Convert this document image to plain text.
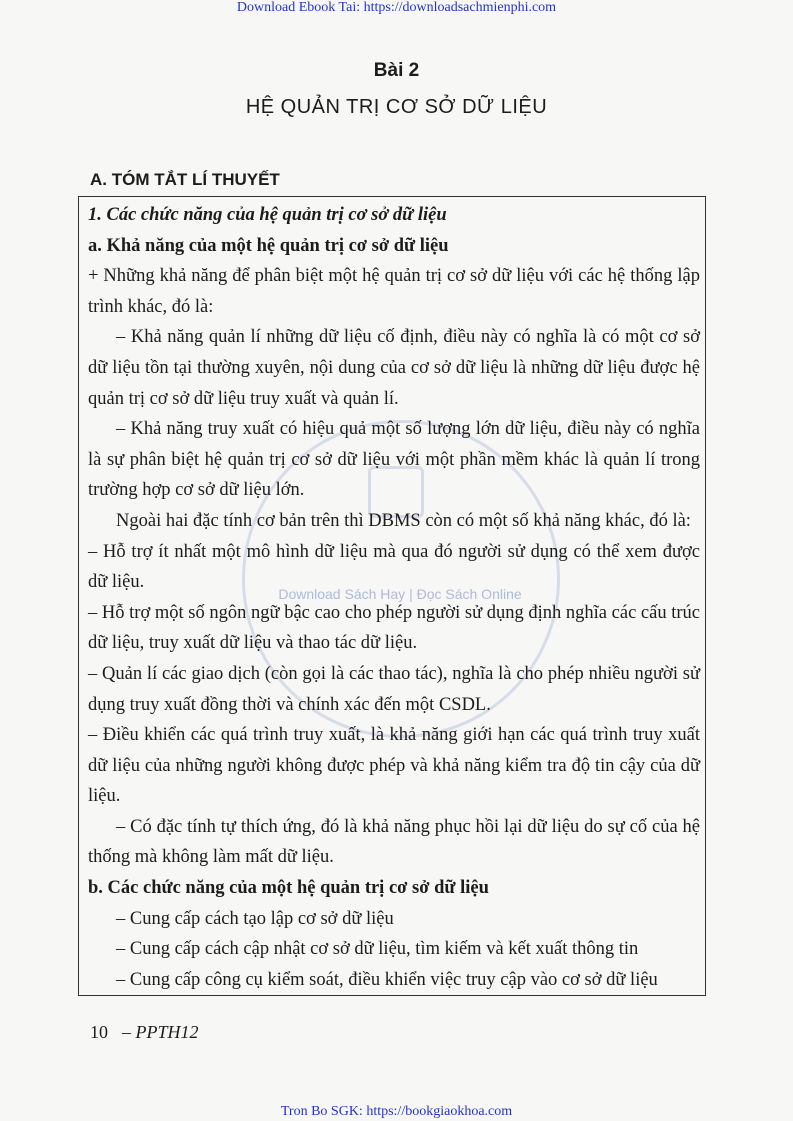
Download Ebook Tai: https://downloadsachmienphi.com
Download Sách Hay | Đọc Sách Online
Bài 2
HỆ QUẢN TRỊ CƠ SỞ DỮ LIỆU
A. TÓM TẮT LÍ THUYẾT

1. Các chức năng của hệ quản trị cơ sở dữ liệu

a. Khả năng của một hệ quản trị cơ sở dữ liệu

+ Những khả năng để phân biệt một hệ quản trị cơ sở dữ liệu với các hệ thống lập trình khác, đó là:

– Khả năng quản lí những dữ liệu cố định, điều này có nghĩa là có một cơ sở dữ liệu tồn tại thường xuyên, nội dung của cơ sở dữ liệu là những dữ liệu được hệ quản trị cơ sở dữ liệu truy xuất và quản lí.

– Khả năng truy xuất có hiệu quả một số lượng lớn dữ liệu, điều này có nghĩa là sự phân biệt hệ quản trị cơ sở dữ liệu với một phần mềm khác là quản lí trong trường hợp cơ sở dữ liệu lớn.

Ngoài hai đặc tính cơ bản trên thì DBMS còn có một số khả năng khác, đó là:

– Hỗ trợ ít nhất một mô hình dữ liệu mà qua đó người sử dụng có thể xem được dữ liệu.

– Hỗ trợ một số ngôn ngữ bậc cao cho phép người sử dụng định nghĩa các cấu trúc dữ liệu, truy xuất dữ liệu và thao tác dữ liệu.

– Quản lí các giao dịch (còn gọi là các thao tác), nghĩa là cho phép nhiều người sử dụng truy xuất đồng thời và chính xác đến một CSDL.

– Điều khiển các quá trình truy xuất, là khả năng giới hạn các quá trình truy xuất dữ liệu của những người không được phép và khả năng kiểm tra độ tin cậy của dữ liệu.

– Có đặc tính tự thích ứng, đó là khả năng phục hồi lại dữ liệu do sự cố của hệ thống mà không làm mất dữ liệu.

b. Các chức năng của một hệ quản trị cơ sở dữ liệu

– Cung cấp cách tạo lập cơ sở dữ liệu

– Cung cấp cách cập nhật cơ sở dữ liệu, tìm kiếm và kết xuất thông tin

– Cung cấp công cụ kiểm soát, điều khiển việc truy cập vào cơ sở dữ liệu

10 – PPTH12
Tron Bo SGK: https://bookgiaokhoa.com
